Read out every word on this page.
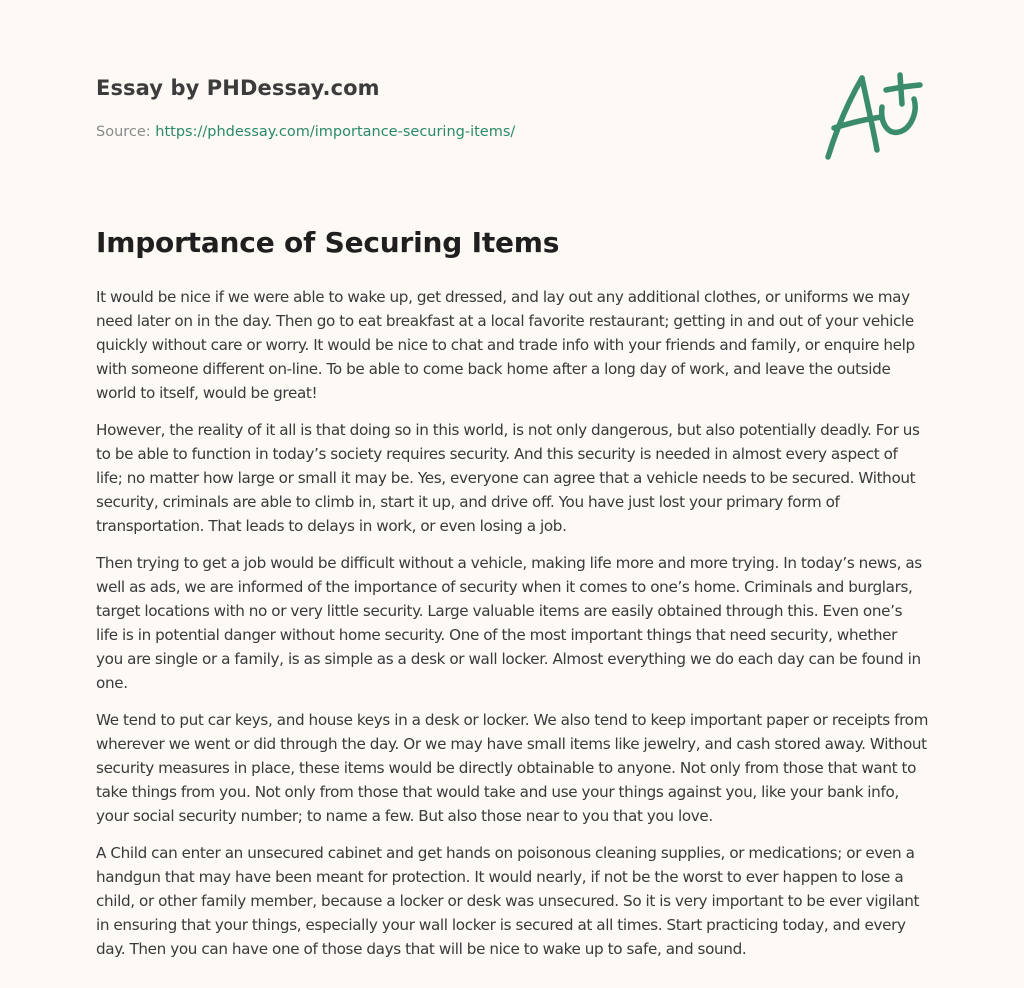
Essay by PHDessay.com
Source: https://phdessay.com/importance-securing-items/
Importance of Securing Items

It would be nice if we were able to wake up, get dressed, and lay out any additional clothes, or uniforms we may need later on in the day. Then go to eat breakfast at a local favorite restaurant; getting in and out of your vehicle quickly without care or worry. It would be nice to chat and trade info with your friends and family, or enquire help with someone different on-line. To be able to come back home after a long day of work, and leave the outside world to itself, would be great!

However, the reality of it all is that doing so in this world, is not only dangerous, but also potentially deadly. For us to be able to function in today’s society requires security. And this security is needed in almost every aspect of life; no matter how large or small it may be. Yes, everyone can agree that a vehicle needs to be secured. Without security, criminals are able to climb in, start it up, and drive off. You have just lost your primary form of transportation. That leads to delays in work, or even losing a job.

Then trying to get a job would be difficult without a vehicle, making life more and more trying. In today’s news, as well as ads, we are informed of the importance of security when it comes to one’s home. Criminals and burglars, target locations with no or very little security. Large valuable items are easily obtained through this. Even one’s life is in potential danger without home security. One of the most important things that need security, whether you are single or a family, is as simple as a desk or wall locker. Almost everything we do each day can be found in one.

We tend to put car keys, and house keys in a desk or locker. We also tend to keep important paper or receipts from wherever we went or did through the day. Or we may have small items like jewelry, and cash stored away. Without security measures in place, these items would be directly obtainable to anyone. Not only from those that want to take things from you. Not only from those that would take and use your things against you, like your bank info, your social security number; to name a few. But also those near to you that you love.

A Child can enter an unsecured cabinet and get hands on poisonous cleaning supplies, or medications; or even a handgun that may have been meant for protection. It would nearly, if not be the worst to ever happen to lose a child, or other family member, because a locker or desk was unsecured. So it is very important to be ever vigilant in ensuring that your things, especially your wall locker is secured at all times. Start practicing today, and every day. Then you can have one of those days that will be nice to wake up to safe, and sound.
